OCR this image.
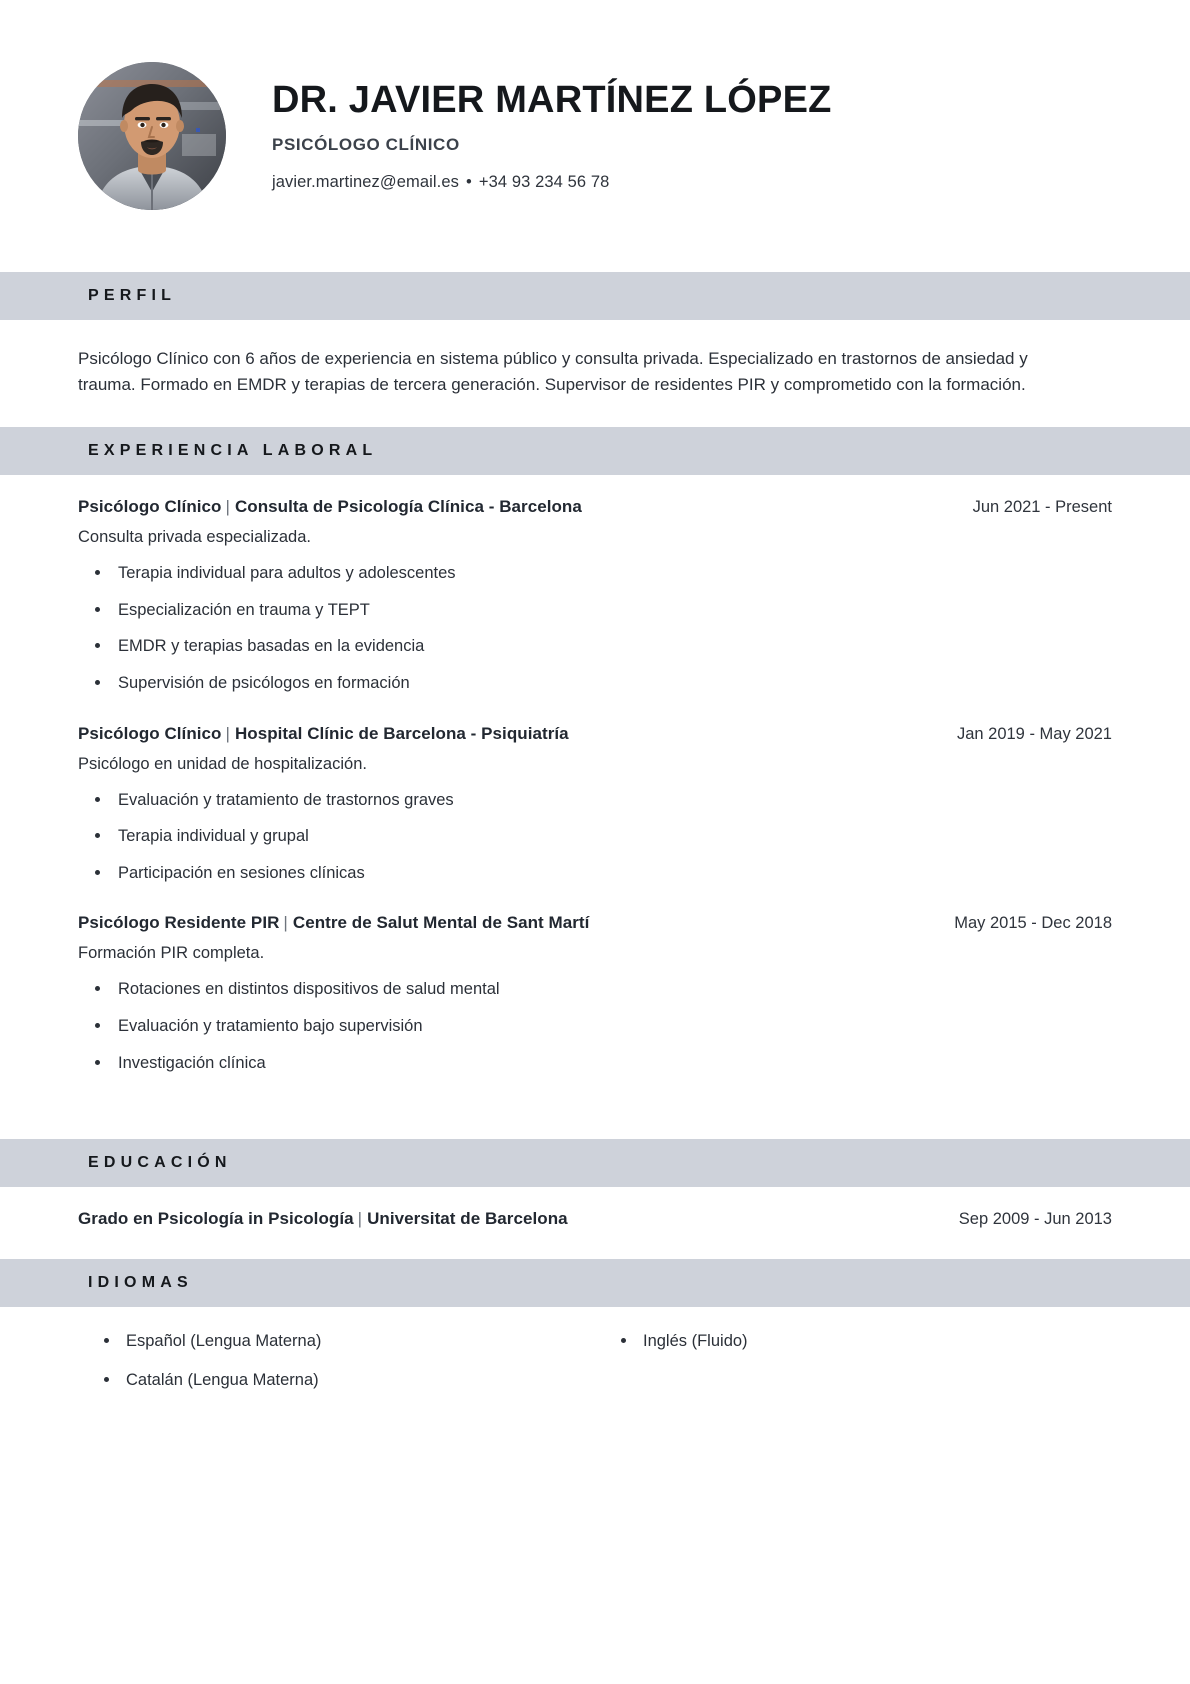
DR. JAVIER MARTÍNEZ LÓPEZ
PSICÓLOGO CLÍNICO
javier.martinez@email.es • +34 93 234 56 78
PERFIL
Psicólogo Clínico con 6 años de experiencia en sistema público y consulta privada. Especializado en trastornos de ansiedad y trauma. Formado en EMDR y terapias de tercera generación. Supervisor de residentes PIR y comprometido con la formación.
EXPERIENCIA LABORAL
Psicólogo Clínico | Consulta de Psicología Clínica - Barcelona	Jun 2021 - Present
Consulta privada especializada.
Terapia individual para adultos y adolescentes
Especialización en trauma y TEPT
EMDR y terapias basadas en la evidencia
Supervisión de psicólogos en formación
Psicólogo Clínico | Hospital Clínic de Barcelona - Psiquiatría	Jan 2019 - May 2021
Psicólogo en unidad de hospitalización.
Evaluación y tratamiento de trastornos graves
Terapia individual y grupal
Participación en sesiones clínicas
Psicólogo Residente PIR | Centre de Salut Mental de Sant Martí	May 2015 - Dec 2018
Formación PIR completa.
Rotaciones en distintos dispositivos de salud mental
Evaluación y tratamiento bajo supervisión
Investigación clínica
EDUCACIÓN
Grado en Psicología in Psicología | Universitat de Barcelona	Sep 2009 - Jun 2013
IDIOMAS
Español (Lengua Materna)	Inglés (Fluido)
Catalán (Lengua Materna)
